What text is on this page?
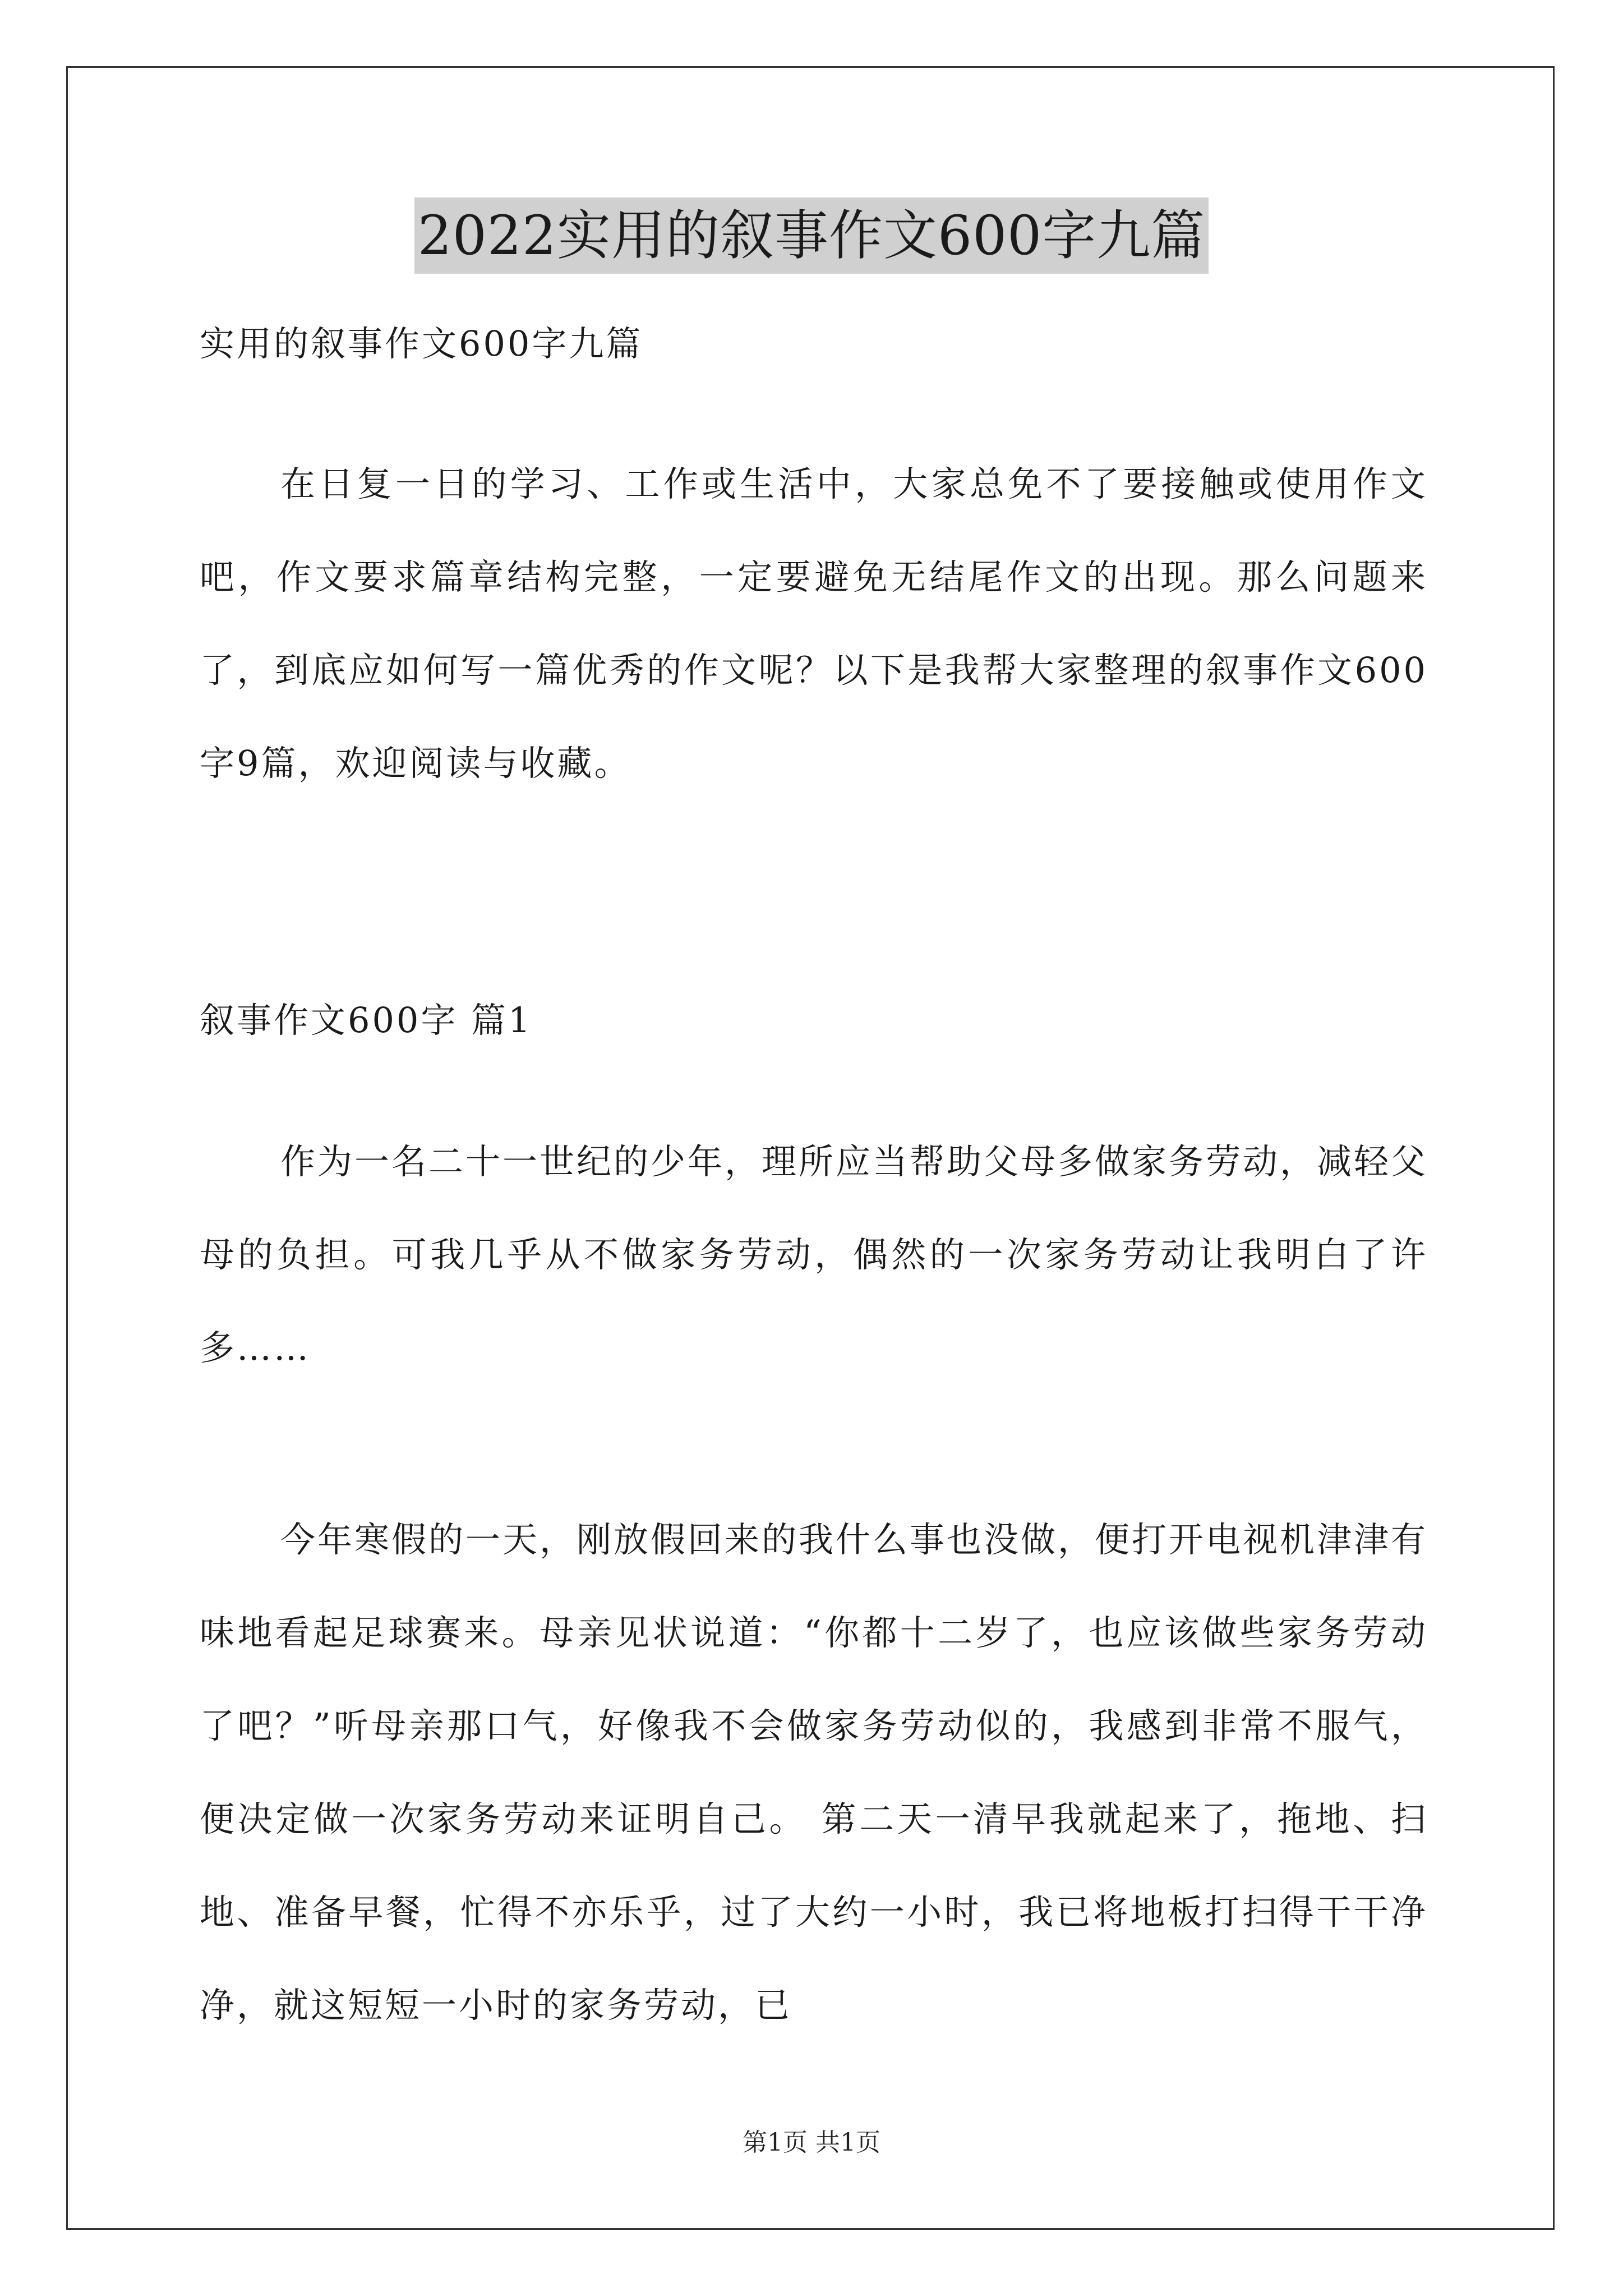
2022实用的叙事作文600字九篇

实用的叙事作文600字九篇

在日复一日的学习、工作或生活中，大家总免不了要接触或使用作文吧，作文要求篇章结构完整，一定要避免无结尾作文的出现。那么问题来了，到底应如何写一篇优秀的作文呢？以下是我帮大家整理的叙事作文600字9篇，欢迎阅读与收藏。

叙事作文600字 篇1

作为一名二十一世纪的少年，理所应当帮助父母多做家务劳动，减轻父母的负担。可我几乎从不做家务劳动，偶然的一次家务劳动让我明白了许多……

今年寒假的一天，刚放假回来的我什么事也没做，便打开电视机津津有味地看起足球赛来。母亲见状说道：“你都十二岁了，也应该做些家务劳动了吧？”听母亲那口气，好像我不会做家务劳动似的，我感到非常不服气，便决定做一次家务劳动来证明自己。 第二天一清早我就起来了，拖地、扫地、准备早餐，忙得不亦乐乎，过了大约一小时，我已将地板打扫得干干净净，就这短短一小时的家务劳动，已

第1页 共1页
